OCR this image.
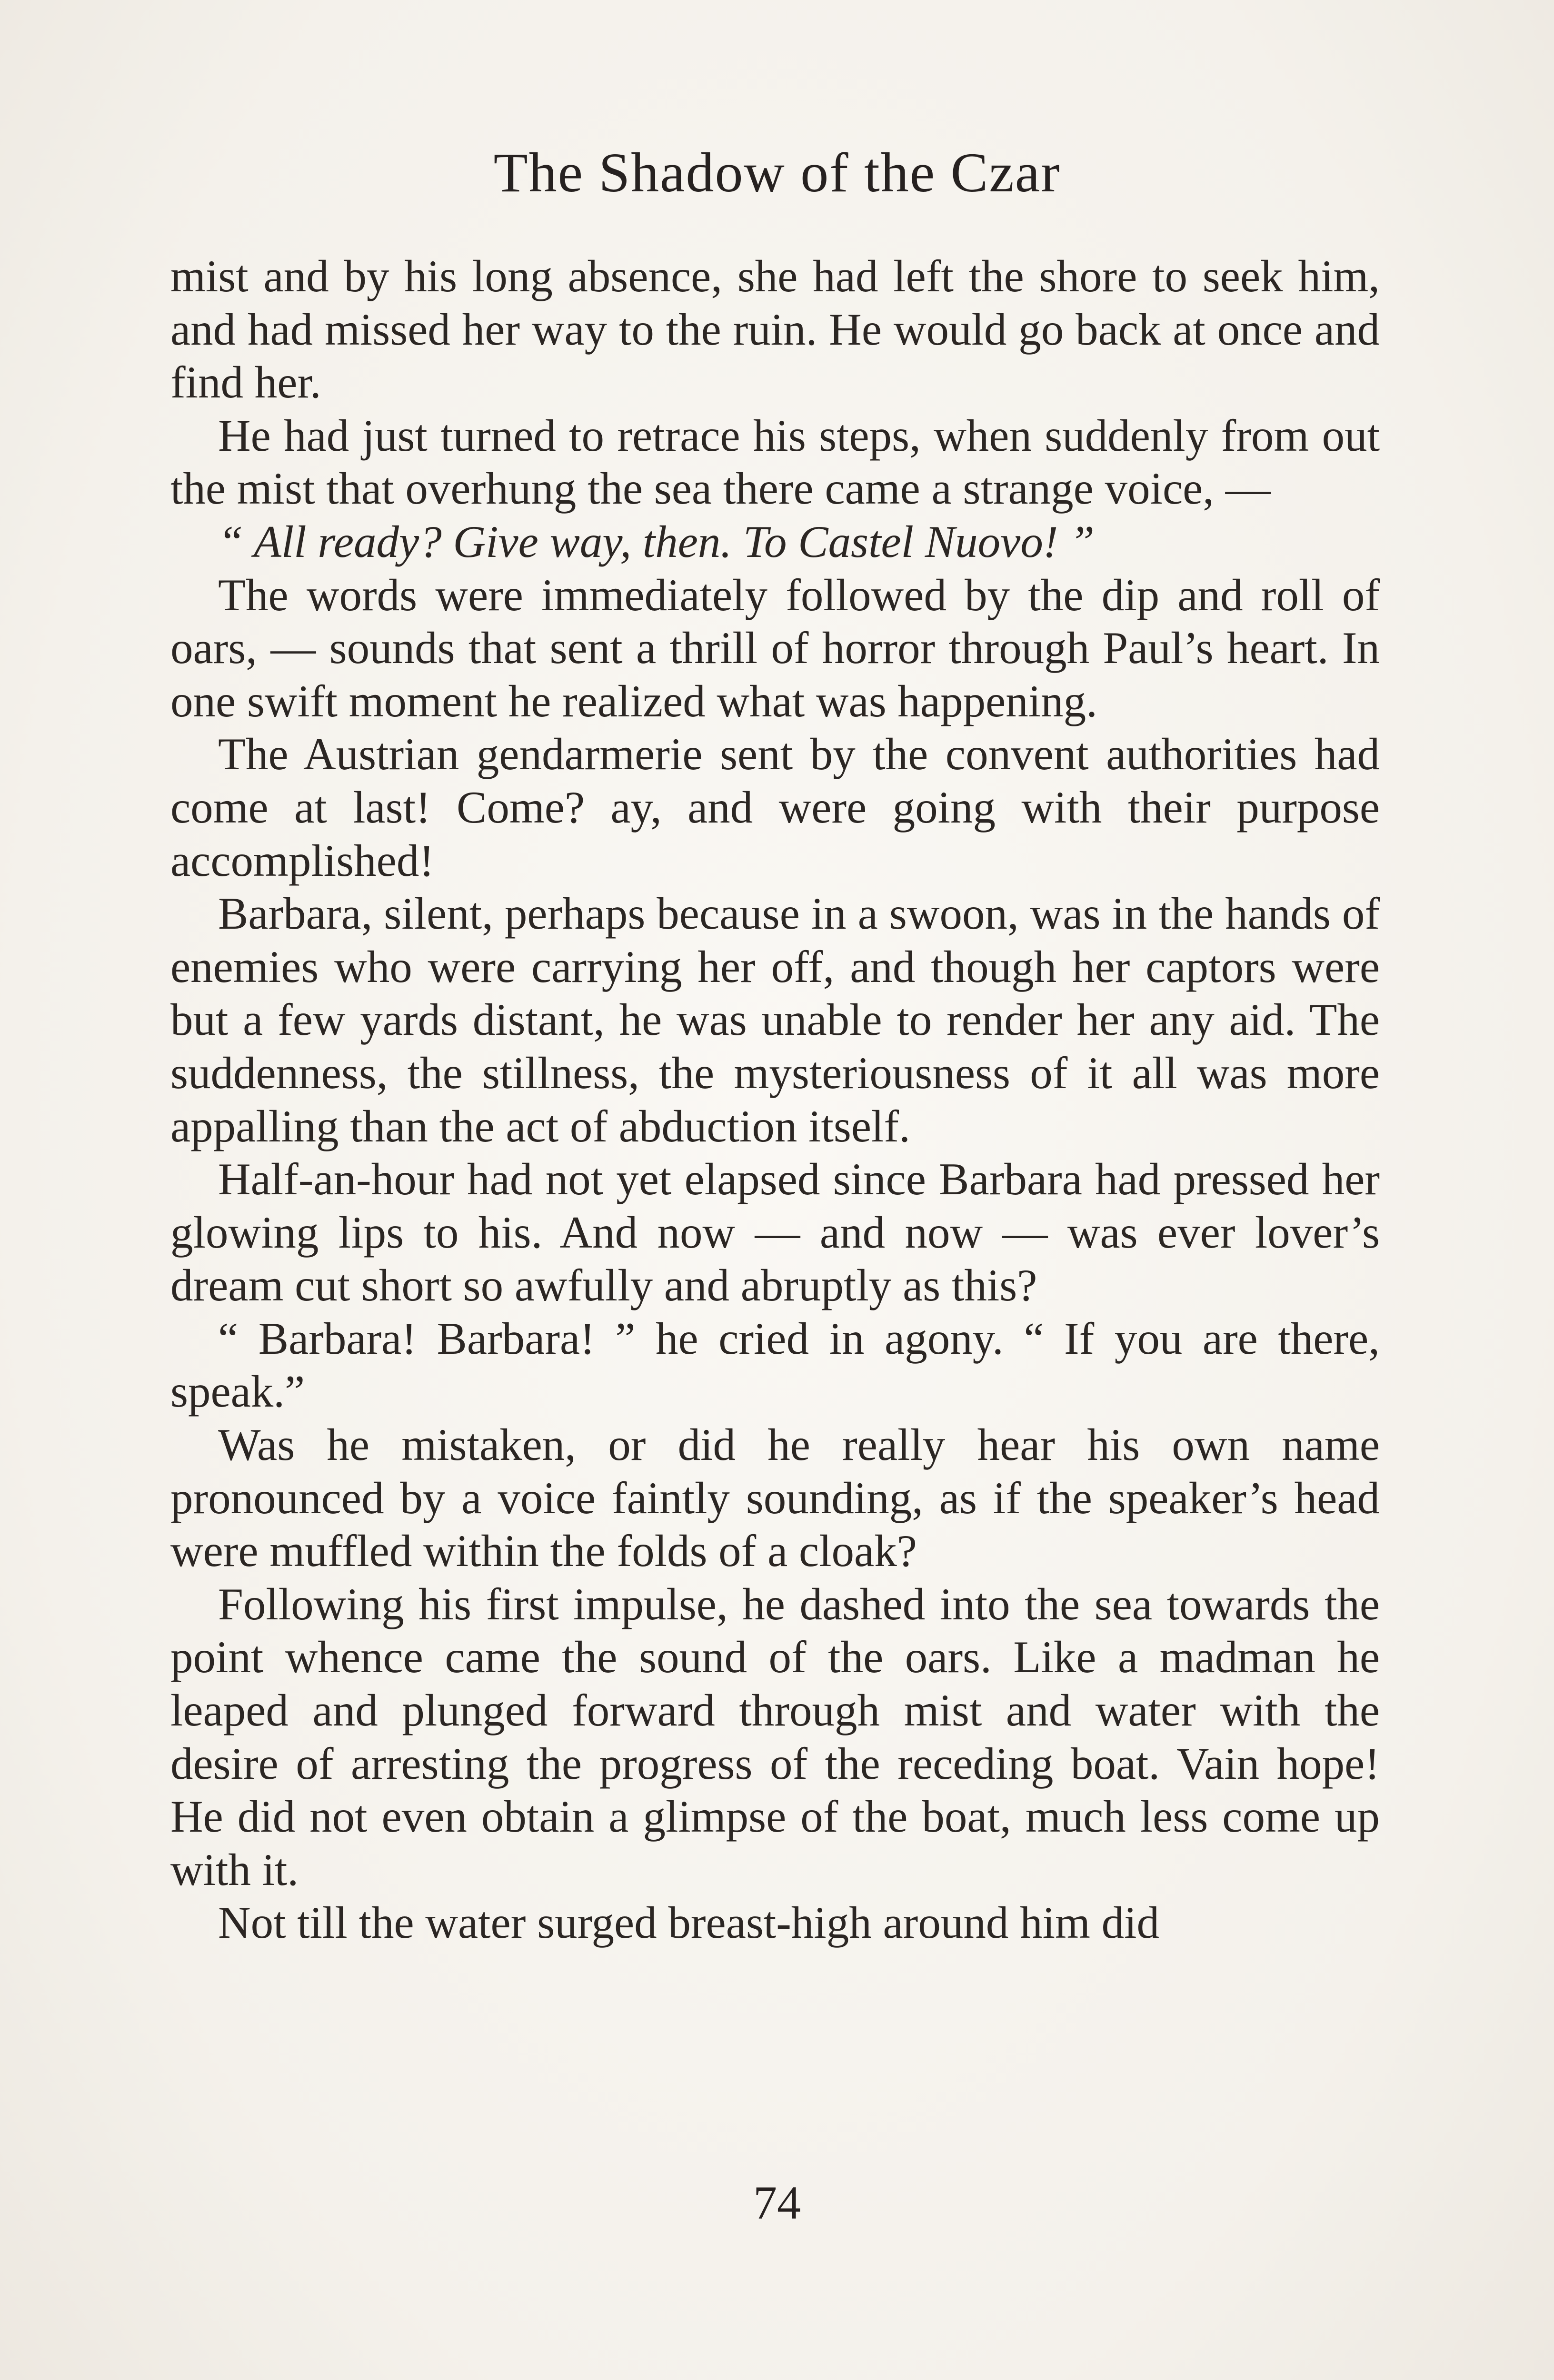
The Shadow of the Czar

mist and by his long absence, she had left the shore to seek him, and had missed her way to the ruin. He would go back at once and find her.

He had just turned to retrace his steps, when suddenly from out the mist that overhung the sea there came a strange voice, —

“ All ready? Give way, then. To Castel Nuovo! ”

The words were immediately followed by the dip and roll of oars, — sounds that sent a thrill of horror through Paul’s heart. In one swift moment he realized what was happening.

The Austrian gendarmerie sent by the convent authorities had come at last! Come? ay, and were going with their purpose accomplished!

Barbara, silent, perhaps because in a swoon, was in the hands of enemies who were carrying her off, and though her captors were but a few yards distant, he was unable to render her any aid. The suddenness, the stillness, the mysteriousness of it all was more appalling than the act of abduction itself.

Half-an-hour had not yet elapsed since Barbara had pressed her glowing lips to his. And now — and now — was ever lover’s dream cut short so awfully and abruptly as this?

“ Barbara! Barbara! ” he cried in agony. “ If you are there, speak.”

Was he mistaken, or did he really hear his own name pronounced by a voice faintly sounding, as if the speaker’s head were muffled within the folds of a cloak?

Following his first impulse, he dashed into the sea towards the point whence came the sound of the oars. Like a madman he leaped and plunged forward through mist and water with the desire of arresting the progress of the receding boat. Vain hope! He did not even obtain a glimpse of the boat, much less come up with it.

Not till the water surged breast-high around him did

74
